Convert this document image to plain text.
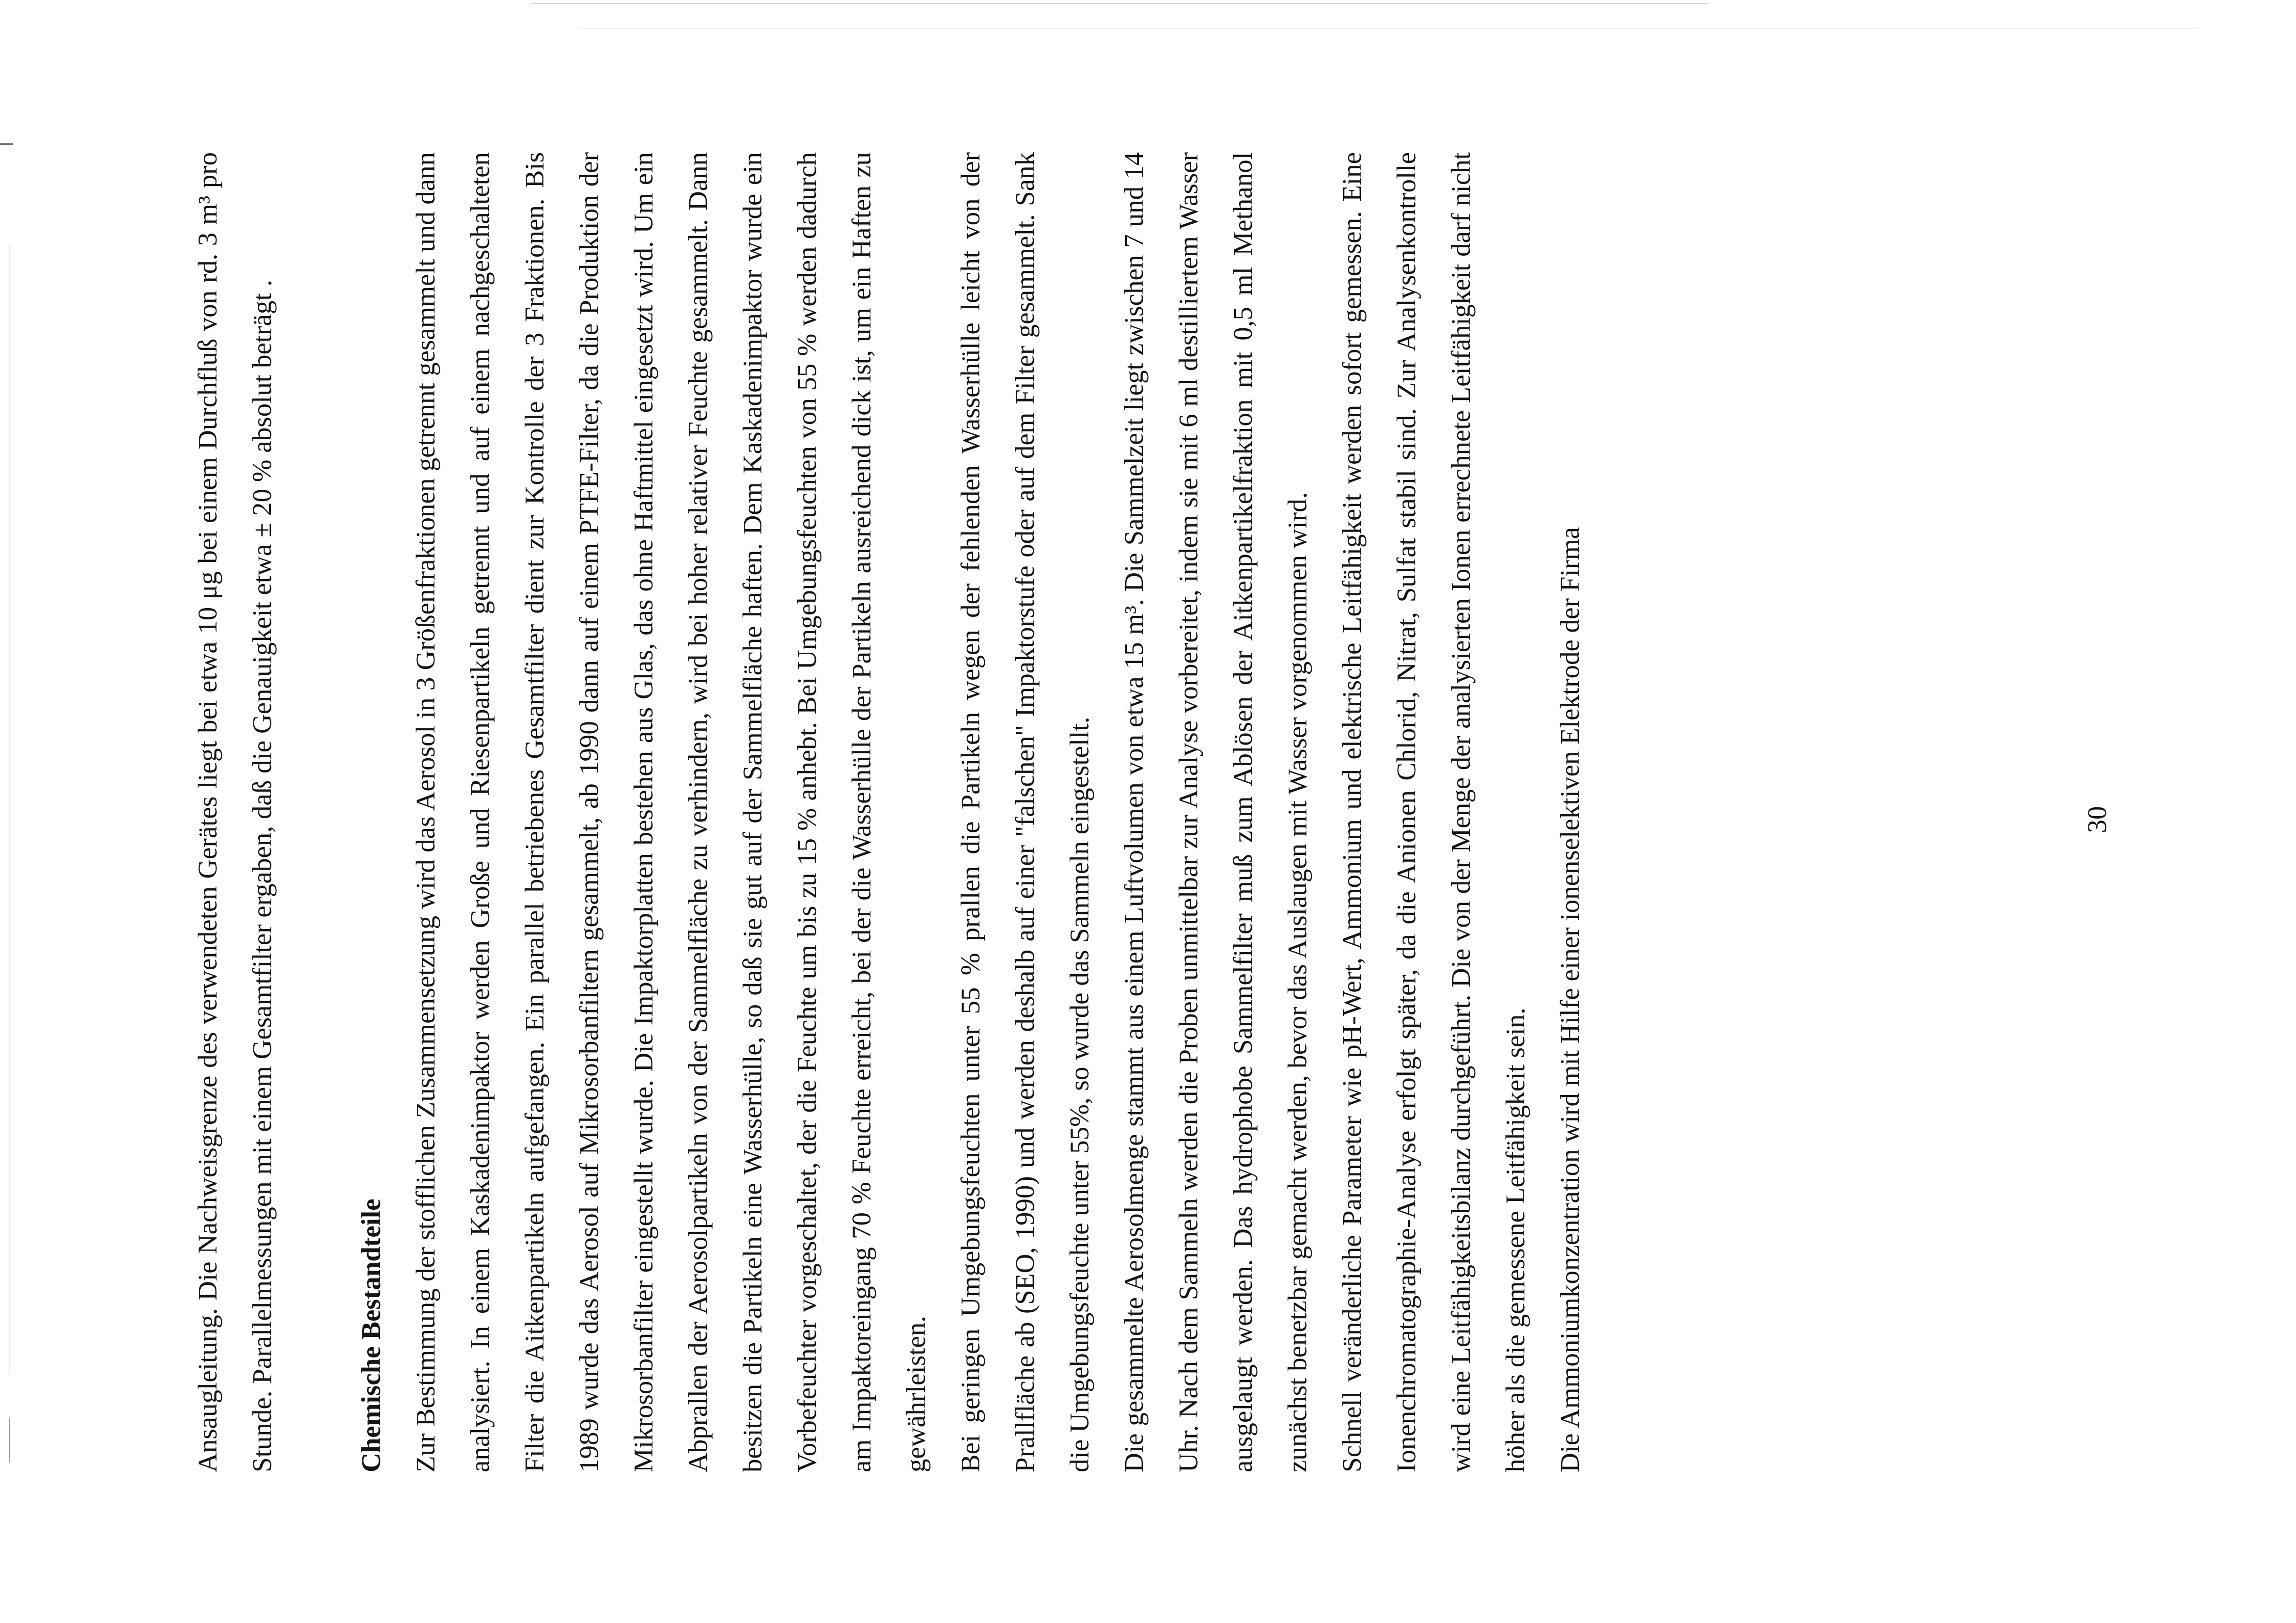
Ansaugleitung. Die Nachweisgrenze des verwendeten Gerätes liegt bei etwa 10 μg bei einem Durchfluß von rd. 3 m³ pro Stunde. Parallelmessungen mit einem Gesamtfilter ergaben, daß die Genauigkeit etwa ± 20 % absolut beträgt .	Chemische Bestandteile Zur Bestimmung der stofflichen Zusammensetzung wird das Aerosol in 3 Größenfraktionen getrennt gesammelt und dann analysiert. In einem Kaskadenimpaktor werden Große und Riesenpartikeln getrennt und auf einem nachgeschalteten Filter die Aitkenpartikeln aufgefangen. Ein parallel betriebenes Gesamtfilter dient zur Kontrolle der 3 Fraktionen. Bis 1989 wurde das Aerosol auf Mikrosorbanfiltern gesammelt, ab 1990 dann auf einem PTFE-Filter, da die Produktion der Mikrosorbanfilter eingestellt wurde. Die Impaktorplatten bestehen aus Glas, das ohne Haftmittel eingesetzt wird. Um ein Abprallen der Aerosolpartikeln von der Sammelfläche zu verhindern, wird bei hoher relativer Feuchte gesammelt. Dann besitzen die Partikeln eine Wasserhülle, so daß sie gut auf der Sammelfläche haften. Dem Kaskadenimpaktor wurde ein Vorbefeuchter vorgeschaltet, der die Feuchte um bis zu 15 % anhebt. Bei Umgebungsfeuchten von 55 % werden dadurch am Impaktoreingang 70 % Feuchte erreicht, bei der die Wasserhülle der Partikeln ausreichend dick ist, um ein Haften zu gewährleisten. Bei geringen Umgebungsfeuchten unter 55 % prallen die Partikeln wegen der fehlenden Wasserhülle leicht von der Prallfläche ab (SEO, 1990) und werden deshalb auf einer "falschen" Impaktorstufe oder auf dem Filter gesammelt. Sank die Umgebungsfeuchte unter 55%, so wurde das Sammeln eingestellt. Die gesammelte Aerosolmenge stammt aus einem Luftvolumen von etwa 15 m³. Die Sammelzeit liegt zwischen 7 und 14 Uhr. Nach dem Sammeln werden die Proben unmittelbar zur Analyse vorbereitet, indem sie mit 6 ml destilliertem Wasser ausgelaugt werden. Das hydrophobe Sammelfilter muß zum Ablösen der Aitkenpartikelfraktion mit 0,5 ml Methanol zunächst benetzbar gemacht werden, bevor das Auslaugen mit Wasser vorgenommen wird. Schnell veränderliche Parameter wie pH-Wert, Ammonium und elektrische Leitfähigkeit werden sofort gemessen. Eine Ionenchromatographie-Analyse erfolgt später, da die Anionen Chlorid, Nitrat, Sulfat stabil sind. Zur Analysenkontrolle wird eine Leitfähigkeitsbilanz durchgeführt. Die von der Menge der analysierten Ionen errechnete Leitfähigkeit darf nicht höher als die gemessene Leitfähigkeit sein. Die Ammoniumkonzentration wird mit Hilfe einer ionenselektiven Elektrode der Firma	30
